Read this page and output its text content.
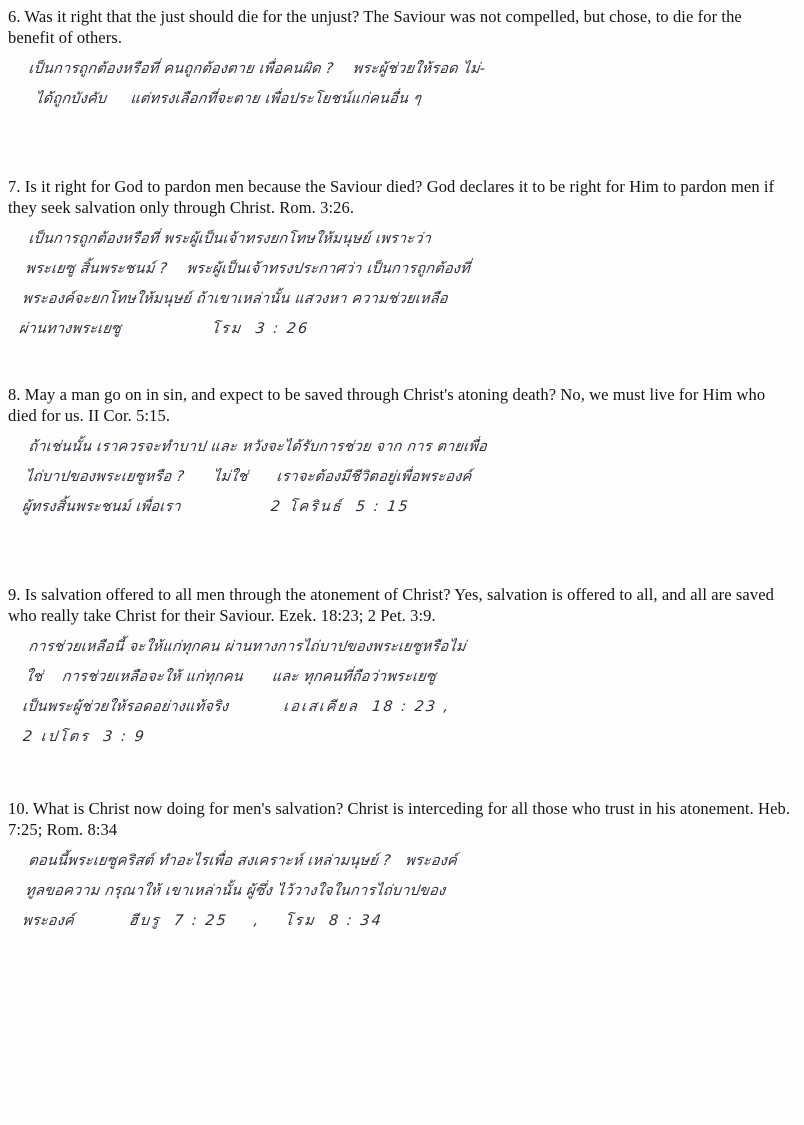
6. Was it right that the just should die for the unjust? The Saviour was not compelled, but chose, to die for the benefit of others.

เป็นการถูกต้องหรือที่ คนถูกต้องตาย เพื่อคนผิด ?    พระผู้ช่วยให้รอด ไม่-
ได้ถูกบังคับ     แต่ทรงเลือกที่จะตาย เพื่อประโยชน์แก่คนอื่น ๆ

7. Is it right for God to pardon men because the Saviour died? God declares it to be right for Him to pardon men if they seek salvation only through Christ. Rom. 3:26.

เป็นการถูกต้องหรือที่ พระผู้เป็นเจ้าทรงยกโทษให้มนุษย์ เพราะว่า
พระเยซู สิ้นพระชนม์ ?    พระผู้เป็นเจ้าทรงประกาศว่า เป็นการถูกต้องที่
พระองค์จะยกโทษให้มนุษย์ ถ้าเขาเหล่านั้น แสวงหา ความช่วยเหลือ
ผ่านทางพระเยซู	โรม  3 : 26

8. May a man go on in sin, and expect to be saved through Christ's atoning death? No, we must live for Him who died for us. II Cor. 5:15.

ถ้าเช่นนั้น เราควรจะทำบาป และ หวังจะได้รับการช่วย จาก การ ตายเพื่อ
ไถ่บาปของพระเยซูหรือ ?      ไม่ใช่      เราจะต้องมีชีวิตอยู่เพื่อพระองค์
ผู้ทรงสิ้นพระชนม์ เพื่อเรา	2 โครินธ์  5 : 15

9. Is salvation offered to all men through the atonement of Christ? Yes, salvation is offered to all, and all are saved who really take Christ for their Saviour. Ezek. 18:23; 2 Pet. 3:9.

การช่วยเหลือนี้ จะให้แก่ทุกคน ผ่านทางการไถ่บาปของพระเยซูหรือไม่
ใช่    การช่วยเหลือจะให้ แก่ทุกคน      และ ทุกคนที่ถือว่าพระเยซู
เป็นพระผู้ช่วยให้รอดอย่างแท้จริง	เอเสเคียล  18 : 23 ,
2 เปโตร  3 : 9

10. What is Christ now doing for men's salvation? Christ is interceding for all those who trust in his atonement. Heb. 7:25; Rom. 8:34

ตอนนี้พระเยซูคริสต์ ทำอะไรเพื่อ สงเคราะห์ เหล่ามนุษย์ ?   พระองค์
ทูลขอความ กรุณาให้ เขาเหล่านั้น ผู้ซึ่ง ไว้วางใจในการไถ่บาปของ
พระองค์	ฮีบรู  7 : 25 , โรม  8 : 34
